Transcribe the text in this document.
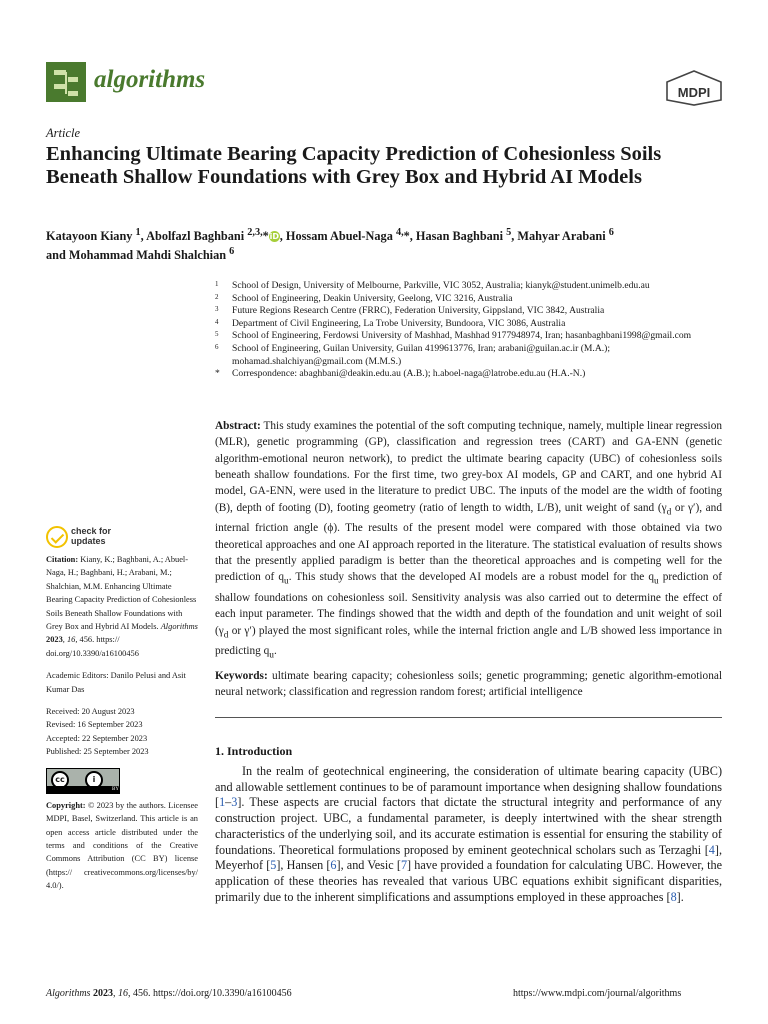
algorithms	MDPI
Article
Enhancing Ultimate Bearing Capacity Prediction of Cohesionless Soils Beneath Shallow Foundations with Grey Box and Hybrid AI Models
Katayoon Kiany $^1$, Abolfazl Baghbani $^{2,3,}$*iD, Hossam Abuel-Naga $^{4,}$*, Hasan Baghbani $^5$, Mahyar Arabani $^6$
and Mohammad Mahdi Shalchian $^6$
1 School of Design, University of Melbourne, Parkville, VIC 3052, Australia; kianyk@student.unimelb.edu.au
2 School of Engineering, Deakin University, Geelong, VIC 3216, Australia
3 Future Regions Research Centre (FRRC), Federation University, Gippsland, VIC 3842, Australia
4 Department of Civil Engineering, La Trobe University, Bundoora, VIC 3086, Australia
5 School of Engineering, Ferdowsi University of Mashhad, Mashhad 9177948974, Iran; hasanbaghbani1998@gmail.com
6 School of Engineering, Guilan University, Guilan 4199613776, Iran; arabani@guilan.ac.ir (M.A.); mohamad.shalchiyan@gmail.com (M.M.S.)
* Correspondence: abaghbani@deakin.edu.au (A.B.); h.aboel-naga@latrobe.edu.au (H.A.-N.)
Abstract: This study examines the potential of the soft computing technique, namely, multiple linear regression (MLR), genetic programming (GP), classification and regression trees (CART) and GA-ENN (genetic algorithm-emotional neuron network), to predict the ultimate bearing capacity (UBC) of cohesionless soils beneath shallow foundations. For the first time, two grey-box AI models, GP and CART, and one hybrid AI model, GA-ENN, were used in the literature to predict UBC. The inputs of the model are the width of footing (B), depth of footing (D), footing geometry (ratio of length to width, L/B), unit weight of sand ($\gamma_d$ or γ′), and internal friction angle (ϕ). The results of the present model were compared with those obtained via two theoretical approaches and one AI approach reported in the literature. The statistical evaluation of results shows that the presently applied paradigm is better than the theoretical approaches and is competing well for the prediction of $q_u$. This study shows that the developed AI models are a robust model for the $q_u$ prediction of shallow foundations on cohesionless soil. Sensitivity analysis was also carried out to determine the effect of each input parameter. The findings showed that the width and depth of the foundation and unit weight of soil ($\gamma_d$ or γ′) played the most significant roles, while the internal friction angle and L/B showed less importance in predicting $q_u$.
Keywords: ultimate bearing capacity; cohesionless soils; genetic programming; genetic algorithm-emotional neural network; classification and regression random forest; artificial intelligence
1. Introduction
In the realm of geotechnical engineering, the consideration of ultimate bearing capacity (UBC) and allowable settlement continues to be of paramount importance when designing shallow foundations [1–3]. These aspects are crucial factors that dictate the structural integrity and performance of any construction project. UBC, a fundamental parameter, is deeply intertwined with the shear strength characteristics of the underlying soil, and its accurate estimation is essential for ensuring the stability of foundations. Theoretical formulations proposed by eminent geotechnical scholars such as Terzaghi [4], Meyerhof [5], Hansen [6], and Vesic [7] have provided a foundation for calculating UBC. However, the application of these theories has revealed that various UBC equations exhibit significant disparities, primarily due to the inherent simplifications and assumptions employed in these approaches [8].
check for
updates

Citation: Kiany, K.; Baghbani, A.; Abuel-Naga, H.; Baghbani, H.; Arabani, M.; Shalchian, M.M. Enhancing Ultimate Bearing Capacity Prediction of Cohesionless Soils Beneath Shallow Foundations with Grey Box and Hybrid AI Models. Algorithms 2023, 16, 456. https:// doi.org/10.3390/a16100456

Academic Editors: Danilo Pelusi and Asit Kumar Das

Received: 20 August 2023

Revised: 16 September 2023

Accepted: 22 September 2023

Published: 25 September 2023

cc	i
BY

Copyright: © 2023 by the authors. Licensee MDPI, Basel, Switzerland. This article is an open access article distributed under the terms and conditions of the Creative Commons Attribution (CC BY) license (https:// creativecommons.org/licenses/by/ 4.0/).

Algorithms 2023, 16, 456. https://doi.org/10.3390/a16100456	https://www.mdpi.com/journal/algorithms
